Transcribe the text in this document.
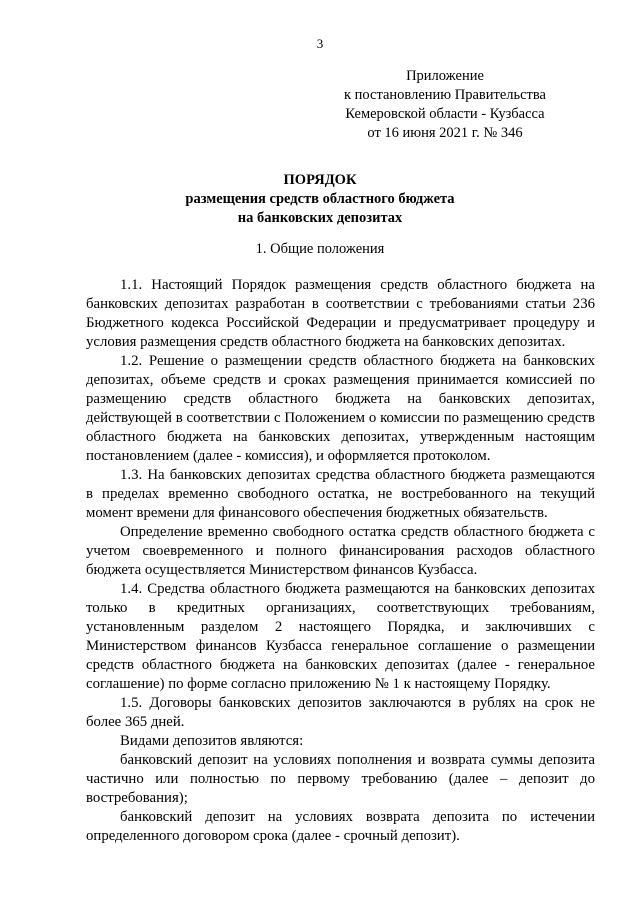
3
Приложение
к постановлению Правительства
Кемеровской области - Кузбасса
от 16 июня 2021 г. № 346
ПОРЯДОК
размещения средств областного бюджета
на банковских депозитах
1. Общие положения

1.1. Настоящий Порядок размещения средств областного бюджета на банковских депозитах разработан в соответствии с требованиями статьи 236 Бюджетного кодекса Российской Федерации и предусматривает процедуру и условия размещения средств областного бюджета на банковских депозитах.

1.2. Решение о размещении средств областного бюджета на банковских депозитах, объеме средств и сроках размещения принимается комиссией по размещению средств областного бюджета на банковских депозитах, действующей в соответствии с Положением о комиссии по размещению средств областного бюджета на банковских депозитах, утвержденным настоящим постановлением (далее - комиссия), и оформляется протоколом.

1.3. На банковских депозитах средства областного бюджета размещаются в пределах временно свободного остатка, не востребованного на текущий момент времени для финансового обеспечения бюджетных обязательств.

Определение временно свободного остатка средств областного бюджета с учетом своевременного и полного финансирования расходов областного бюджета осуществляется Министерством финансов Кузбасса.

1.4. Средства областного бюджета размещаются на банковских депозитах только в кредитных организациях, соответствующих требованиям, установленным разделом 2 настоящего Порядка, и заключивших с Министерством финансов Кузбасса генеральное соглашение о размещении средств областного бюджета на банковских депозитах (далее - генеральное соглашение) по форме согласно приложению № 1 к настоящему Порядку.

1.5. Договоры банковских депозитов заключаются в рублях на срок не более 365 дней.

Видами депозитов являются:

банковский депозит на условиях пополнения и возврата суммы депозита частично или полностью по первому требованию (далее – депозит до востребования);

банковский депозит на условиях возврата депозита по истечении определенного договором срока (далее - срочный депозит).
